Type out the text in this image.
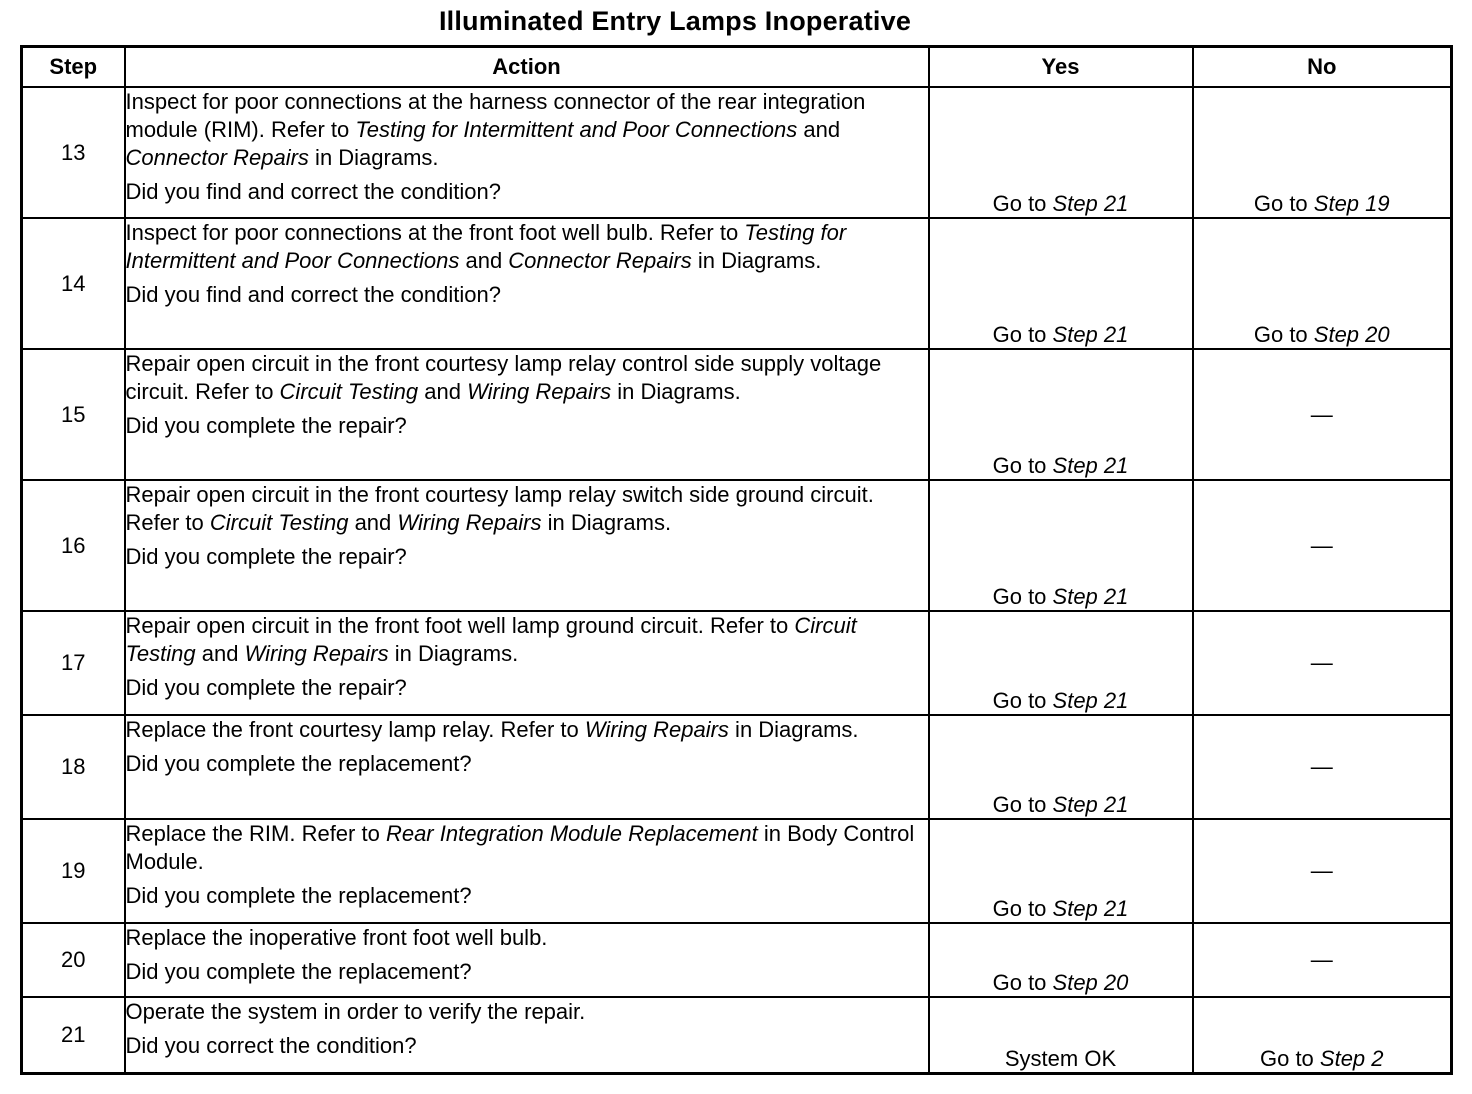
Illuminated Entry Lamps Inoperative
Step	Action	Yes	No
13	Inspect for poor connections at the harness connector of the rear integration module (RIM). Refer to Testing for Intermittent and Poor Connections and Connector Repairs in Diagrams.
Did you find and correct the condition?	Go to Step 21	Go to Step 19
14	Inspect for poor connections at the front foot well bulb. Refer to Testing for Intermittent and Poor Connections and Connector Repairs in Diagrams.
Did you find and correct the condition?	Go to Step 21	Go to Step 20
15	Repair open circuit in the front courtesy lamp relay control side supply voltage circuit. Refer to Circuit Testing and Wiring Repairs in Diagrams.
Did you complete the repair?	Go to Step 21	—
16	Repair open circuit in the front courtesy lamp relay switch side ground circuit. Refer to Circuit Testing and Wiring Repairs in Diagrams.
Did you complete the repair?	Go to Step 21	—
17	Repair open circuit in the front foot well lamp ground circuit. Refer to Circuit Testing and Wiring Repairs in Diagrams.
Did you complete the repair?	Go to Step 21	—
18	Replace the front courtesy lamp relay. Refer to Wiring Repairs in Diagrams.
Did you complete the replacement?	Go to Step 21	—
19	Replace the RIM. Refer to Rear Integration Module Replacement in Body Control Module.
Did you complete the replacement?	Go to Step 21	—
20	Replace the inoperative front foot well bulb.
Did you complete the replacement?	Go to Step 20	—
21	Operate the system in order to verify the repair.
Did you correct the condition?	System OK	Go to Step 2
